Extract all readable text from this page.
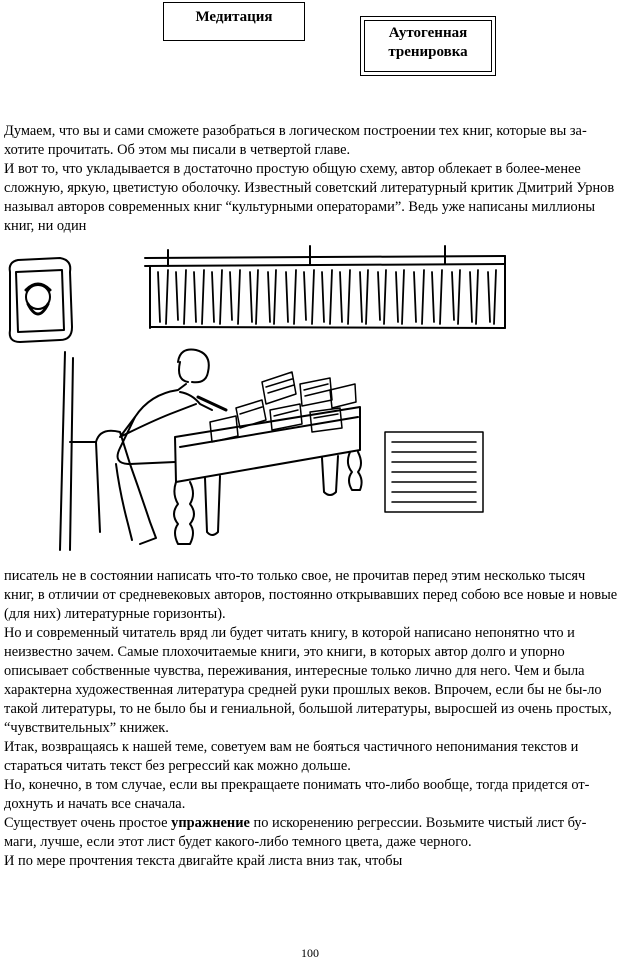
Медитация
Аутогенная
тренировка

Думаем, что вы и сами сможете разобраться в логическом построении тех книг, которые вы за-хотите прочитать. Об этом мы писали в четвертой главе.

И вот то, что укладывается в достаточно простую общую схему, автор облекает в более-менее сложную, яркую, цветистую оболочку. Известный советский литературный критик Дмитрий Урнов называл авторов современных книг “культурными операторами”. Ведь уже написаны миллионы книг, ни один

писатель не в состоянии написать что-то только свое, не прочитав перед этим несколько тысяч книг, в отличии от средневековых авторов, постоянно открывавших перед собою все новые и новые (для них) литературные горизонты).

Но и современный читатель вряд ли будет читать книгу, в которой написано непонятно что и неизвестно зачем. Самые плохочитаемые книги, это книги, в которых автор долго и упорно описывает собственные чувства, переживания, интересные только лично для него. Чем и была характерна художественная литература средней руки прошлых веков. Впрочем, если бы не бы-ло такой литературы, то не было бы и гениальной, большой литературы, выросшей из очень простых, “чувствительных” книжек.

Итак, возвращаясь к нашей теме, советуем вам не бояться частичного непонимания текстов и стараться читать текст без регрессий как можно дольше.

Но, конечно, в том случае, если вы прекращаете понимать что-либо вообще, тогда придется от-дохнуть и начать все сначала.

Существует очень простое упражнение по искоренению регрессии. Возьмите чистый лист бу-маги, лучше, если этот лист будет какого-либо темного цвета, даже черного.

И по мере прочтения текста двигайте край листа вниз так, чтобы

100
